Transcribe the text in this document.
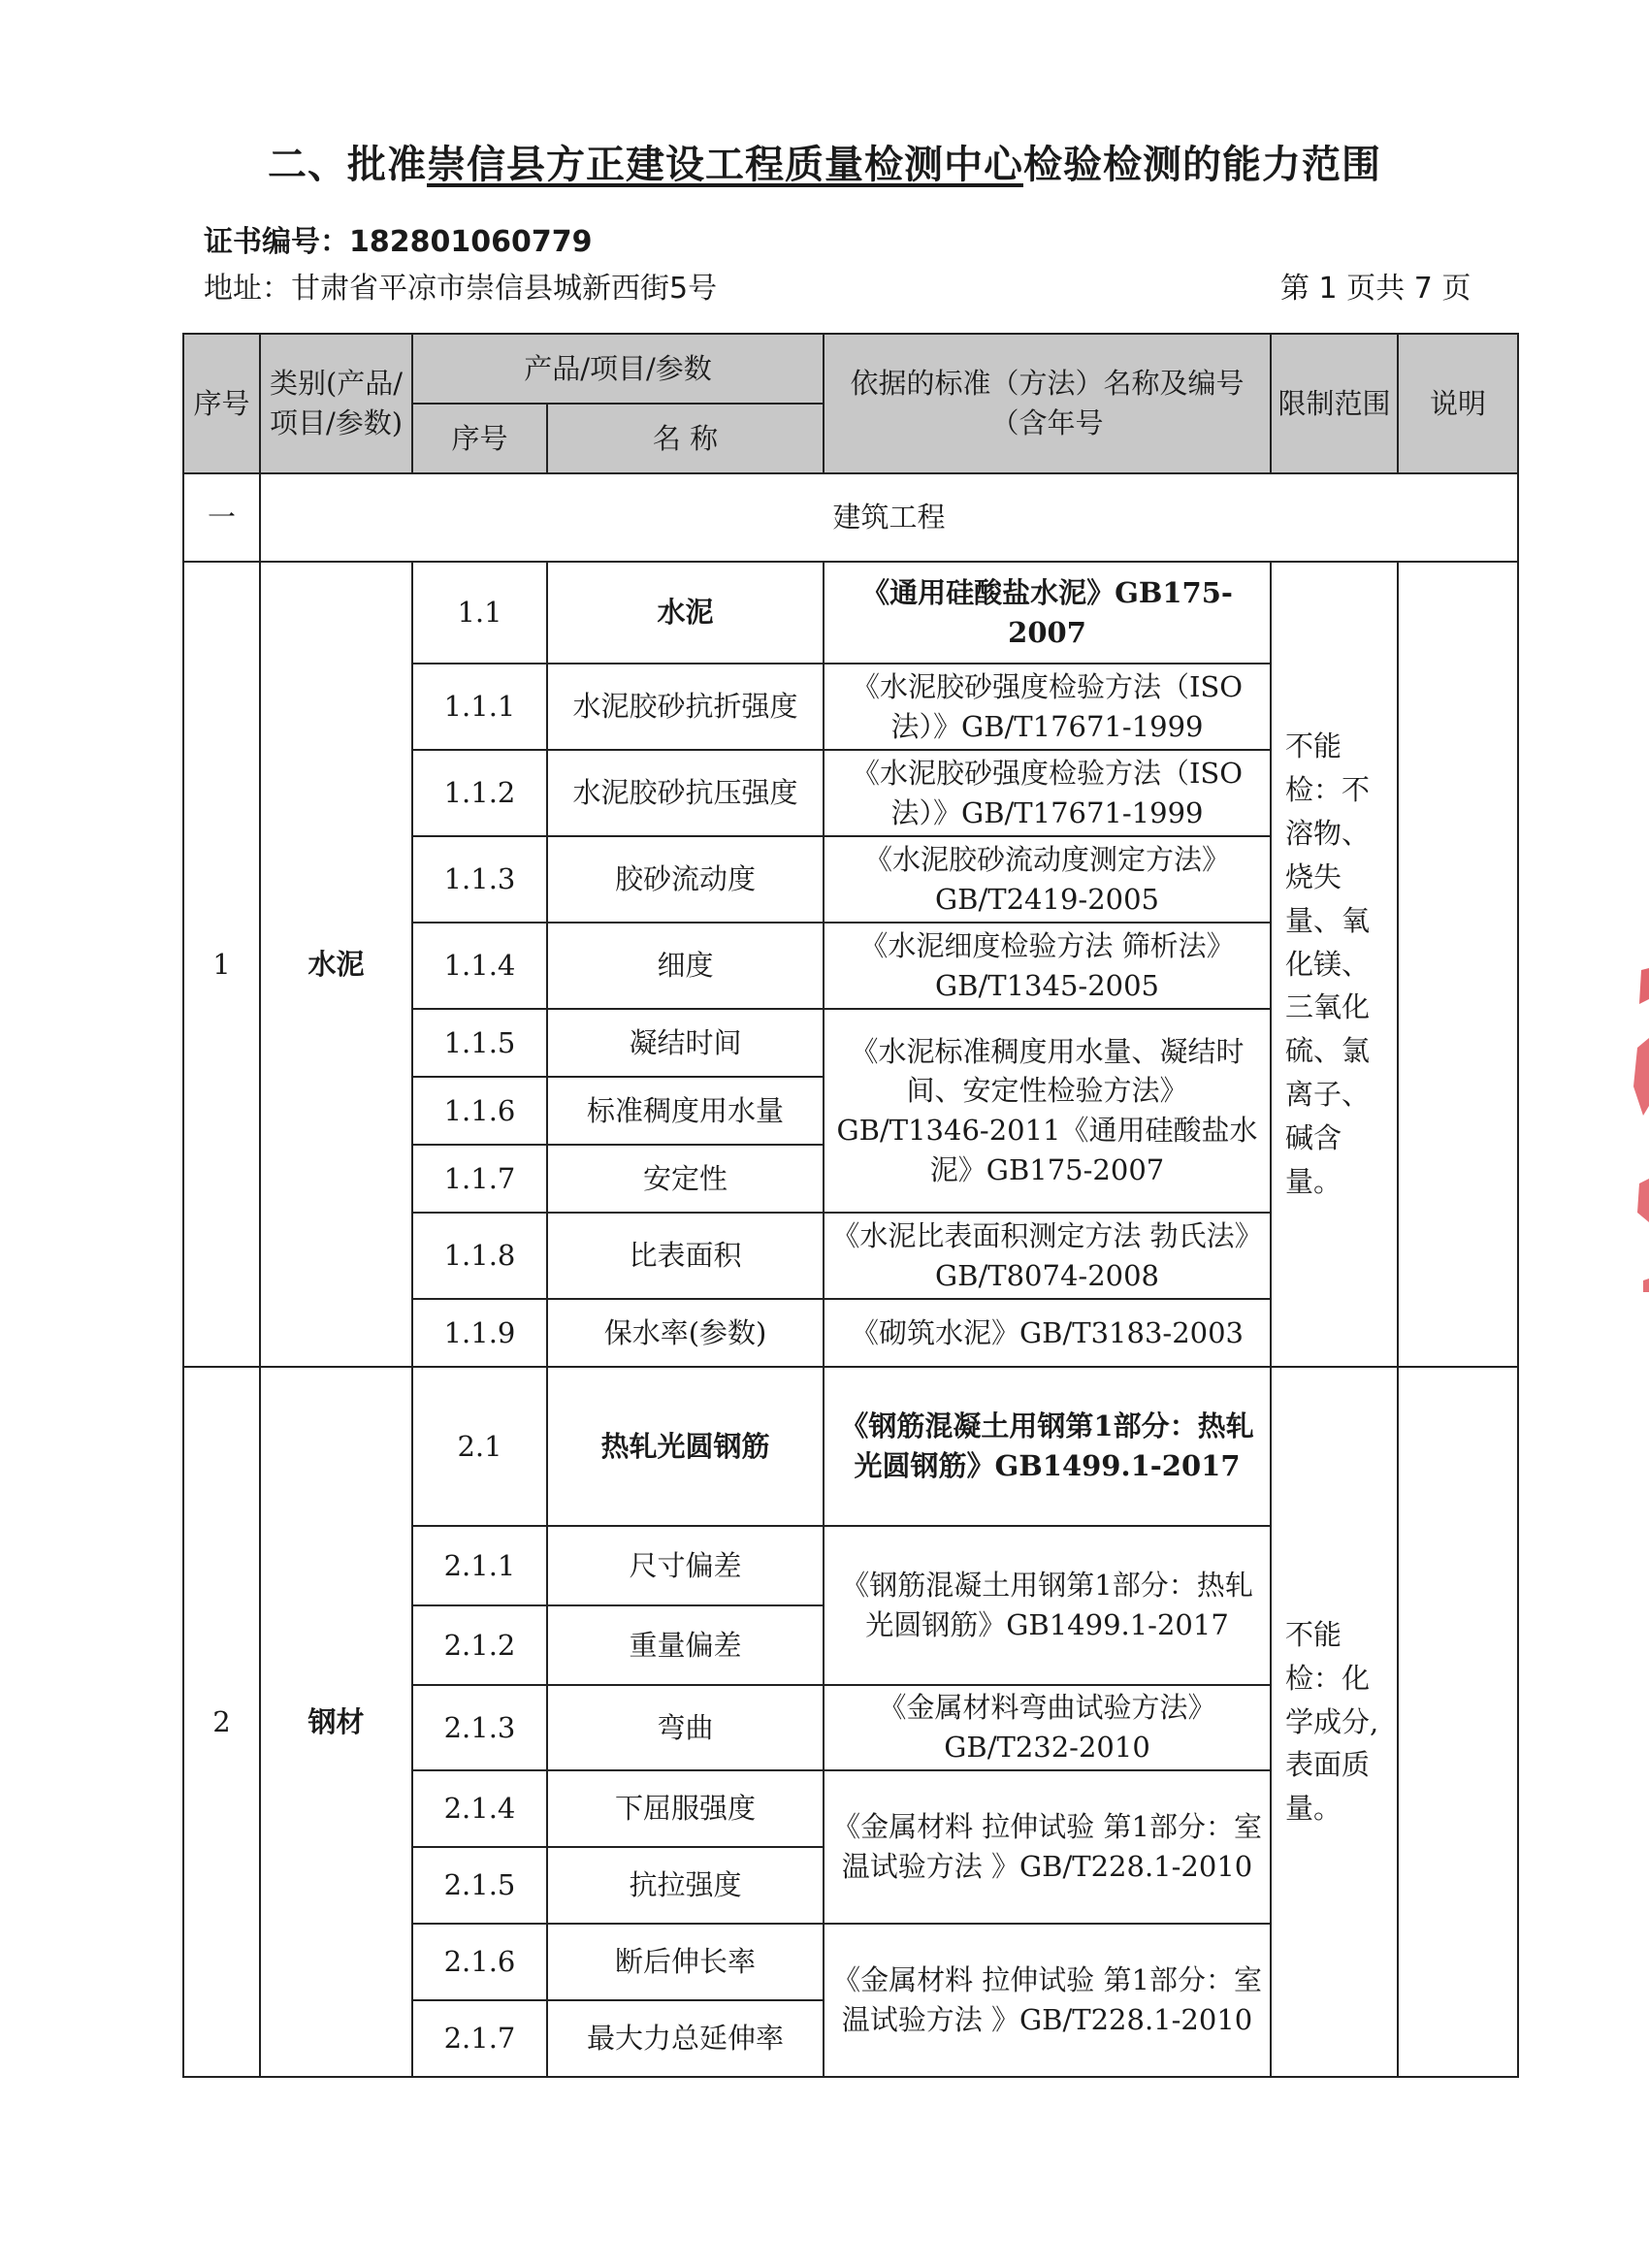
二、批准崇信县方正建设工程质量检测中心检验检测的能力范围
证书编号：182801060779
地址：甘肃省平凉市崇信县城新西街5号	第 1 页共 7 页
序号	类别(产品/项目/参数)	产品/项目/参数		依据的标准（方法）名称及编号（含年号	限制范围	说明
		序号	名 称			
一	建筑工程					
1	水泥	1.1	水泥	《通用硅酸盐水泥》GB175-2007	不能检：不溶物、烧失量、氧化镁、三氧化硫、氯离子、碱含量。	
		1.1.1	水泥胶砂抗折强度	《水泥胶砂强度检验方法（ISO法）》GB/T17671-1999		
		1.1.2	水泥胶砂抗压强度	《水泥胶砂强度检验方法（ISO法）》GB/T17671-1999		
		1.1.3	胶砂流动度	《水泥胶砂流动度测定方法》GB/T2419-2005		
		1.1.4	细度	《水泥细度检验方法 筛析法》GB/T1345-2005		
		1.1.5	凝结时间	《水泥标准稠度用水量、凝结时间、安定性检验方法》GB/T1346-2011《通用硅酸盐水泥》GB175-2007		
		1.1.6	标准稠度用水量			
		1.1.7	安定性			
		1.1.8	比表面积	《水泥比表面积测定方法 勃氏法》GB/T8074-2008		
		1.1.9	保水率(参数)	《砌筑水泥》GB/T3183-2003		
2	钢材	2.1	热轧光圆钢筋	《钢筋混凝土用钢第1部分：热轧光圆钢筋》GB1499.1-2017	不能检：化学成分,表面质量。	
		2.1.1	尺寸偏差	《钢筋混凝土用钢第1部分：热轧光圆钢筋》GB1499.1-2017		
		2.1.2	重量偏差			
		2.1.3	弯曲	《金属材料弯曲试验方法》GB/T232-2010		
		2.1.4	下屈服强度	《金属材料 拉伸试验 第1部分：室温试验方法 》GB/T228.1-2010		
		2.1.5	抗拉强度			
		2.1.6	断后伸长率	《金属材料 拉伸试验 第1部分：室温试验方法 》GB/T228.1-2010		
		2.1.7	最大力总延伸率			
